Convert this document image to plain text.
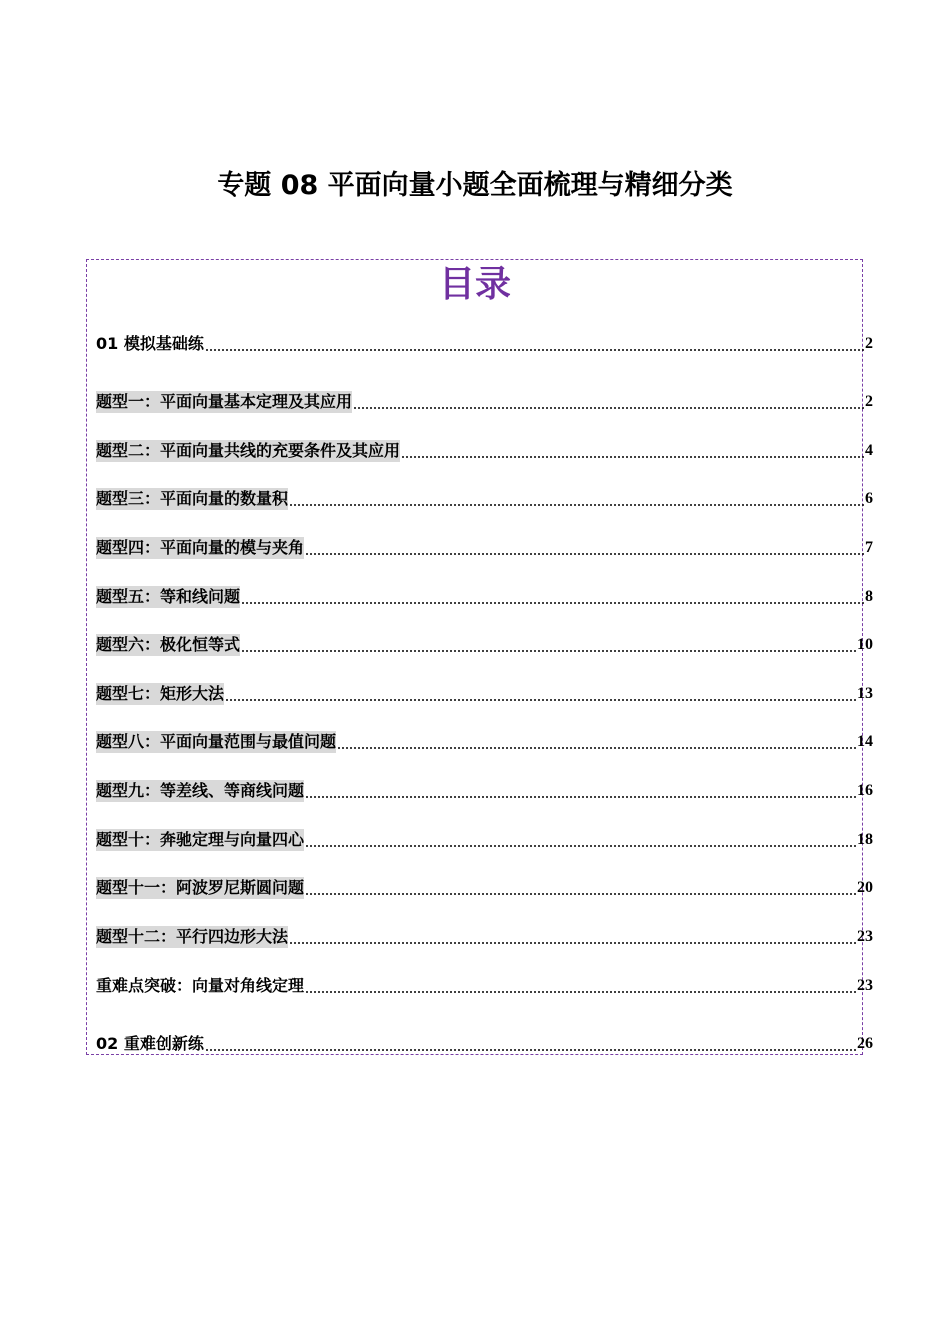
专题 08 平面向量小题全面梳理与精细分类
目录
01 模拟基础练	2
题型一：平面向量基本定理及其应用	2
题型二：平面向量共线的充要条件及其应用	4
题型三：平面向量的数量积	6
题型四：平面向量的模与夹角	7
题型五：等和线问题	8
题型六：极化恒等式	10
题型七：矩形大法	13
题型八：平面向量范围与最值问题	14
题型九：等差线、等商线问题	16
题型十：奔驰定理与向量四心	18
题型十一：阿波罗尼斯圆问题	20
题型十二：平行四边形大法	23
重难点突破：向量对角线定理	23
02 重难创新练	26
